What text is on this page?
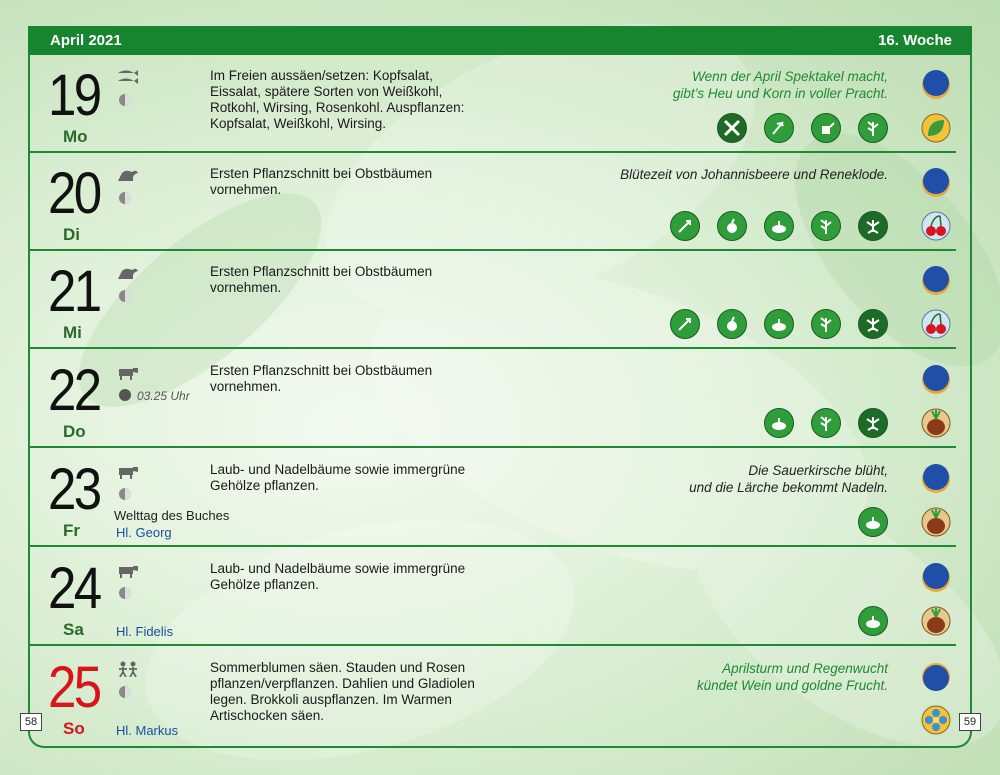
April 2021	16. Woche
19
Mo
Im Freien aussäen/setzen: Kopfsalat, Eissalat, spätere Sorten von Weißkohl, Rotkohl, Wirsing, Rosenkohl. Auspflanzen: Kopfsalat, Weißkohl, Wirsing.
Wenn der April Spektakel macht,
gibt’s Heu und Korn in voller Pracht.
20
Di
Ersten Pflanzschnitt bei Obstbäumen vornehmen.
Blütezeit von Johannisbeere und Reneklode.
21
Mi
Ersten Pflanzschnitt bei Obstbäumen vornehmen.
22
Do
03.25 Uhr
Ersten Pflanzschnitt bei Obstbäumen vornehmen.
23
Fr
Welttag des Buches
Hl. Georg
Laub- und Nadelbäume sowie immergrüne Gehölze pflanzen.
Die Sauerkirsche blüht,
und die Lärche bekommt Nadeln.
24
Sa Hl. Fidelis
Laub- und Nadelbäume sowie immergrüne Gehölze pflanzen.
25
So Hl. Markus
Sommerblumen säen. Stauden und Rosen pflanzen/verpflanzen. Dahlien und Gladiolen legen. Brokkoli auspflanzen. Im Warmen Artischocken säen.
Aprilsturm und Regenwucht
kündet Wein und goldne Frucht.
58	59
